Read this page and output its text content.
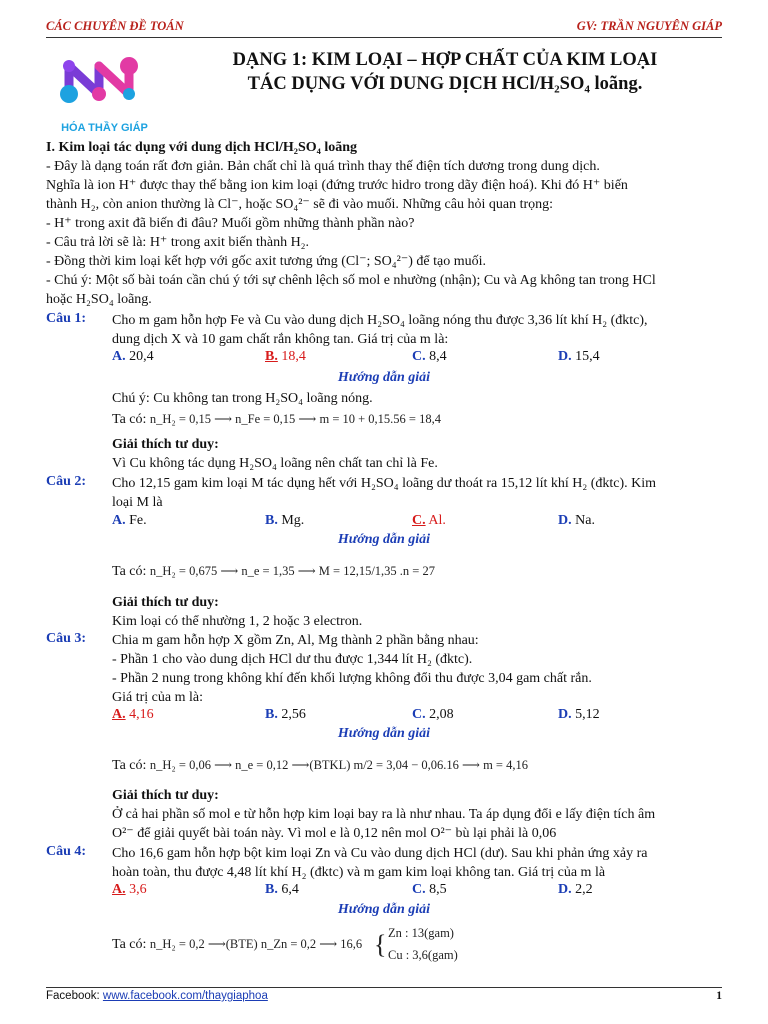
CÁC CHUYÊN ĐỀ TOÁN	GV: TRẦN NGUYÊN GIÁP
HÓA THẦY GIÁP
DẠNG 1: KIM LOẠI – HỢP CHẤT CỦA KIM LOẠI
TÁC DỤNG VỚI DUNG DỊCH HCl/H₂SO₄ loãng.
I. Kim loại tác dụng với dung dịch HCl/H₂SO₄ loãng
- Đây là dạng toán rất đơn giản. Bản chất chỉ là quá trình thay thế điện tích dương trong dung dịch.
Nghĩa là ion H⁺ được thay thế bằng ion kim loại (đứng trước hidro trong dãy điện hoá). Khi đó H⁺ biến
thành H₂, còn anion thường là Cl⁻, hoặc SO₄²⁻ sẽ đi vào muối. Những câu hỏi quan trọng:
- H⁺ trong axit đã biến đi đâu? Muối gồm những thành phần nào?
- Câu trả lời sẽ là: H⁺ trong axit biến thành H₂.
- Đồng thời kim loại kết hợp với gốc axit tương ứng (Cl⁻; SO₄²⁻) để tạo muối.
- Chú ý: Một số bài toán cần chú ý tới sự chênh lệch số mol e nhường (nhận); Cu và Ag không tan trong HCl
hoặc H₂SO₄ loãng.
Câu 1: Cho m gam hỗn hợp Fe và Cu vào dung dịch H₂SO₄ loãng nóng thu được 3,36 lít khí H₂ (đktc),
dung dịch X và 10 gam chất rắn không tan. Giá trị của m là:
A. 20,4	B. 18,4	C. 8,4	D. 15,4
Hướng dẫn giải
Chú ý: Cu không tan trong H₂SO₄ loãng nóng.
Ta có: n_H₂ = 0,15 ⟶ n_Fe = 0,15 ⟶ m = 10 + 0,15.56 = 18,4
Giải thích tư duy:
Vì Cu không tác dụng H₂SO₄ loãng nên chất tan chỉ là Fe.
Câu 2: Cho 12,15 gam kim loại M tác dụng hết với H₂SO₄ loãng dư thoát ra 15,12 lít khí H₂ (đktc). Kim
loại M là
A. Fe.	B. Mg.	C. Al.	D. Na.
Hướng dẫn giải
Ta có: n_H₂ = 0,675 ⟶ n_e = 1,35 ⟶ M = 12,15/1,35 .n = 27
Giải thích tư duy:
Kim loại có thể nhường 1, 2 hoặc 3 electron.
Câu 3: Chia m gam hỗn hợp X gồm Zn, Al, Mg thành 2 phần bằng nhau:
- Phần 1 cho vào dung dịch HCl dư thu được 1,344 lít H₂ (đktc).
- Phần 2 nung trong không khí đến khối lượng không đổi thu được 3,04 gam chất rắn.
Giá trị của m là:
A. 4,16	B. 2,56	C. 2,08	D. 5,12
Hướng dẫn giải
Ta có: n_H₂ = 0,06 ⟶ n_e = 0,12 ⟶(BTKL) m/2 = 3,04 − 0,06.16 ⟶ m = 4,16
Giải thích tư duy:
Ở cả hai phần số mol e từ hỗn hợp kim loại bay ra là như nhau. Ta áp dụng đổi e lấy điện tích âm
O²⁻ để giải quyết bài toán này. Vì mol e là 0,12 nên mol O²⁻ bù lại phải là 0,06
Câu 4: Cho 16,6 gam hỗn hợp bột kim loại Zn và Cu vào dung dịch HCl (dư). Sau khi phản ứng xảy ra
hoàn toàn, thu được 4,48 lít khí H₂ (đktc) và m gam kim loại không tan. Giá trị của m là
A. 3,6	B. 6,4	C. 8,5	D. 2,2
Hướng dẫn giải
Ta có: n_H₂ = 0,2 ⟶(BTE) n_Zn = 0,2 ⟶ 16,6 { Zn : 13(gam)
Cu : 3,6(gam)
Facebook: www.facebook.com/thaygiaphoa	1
